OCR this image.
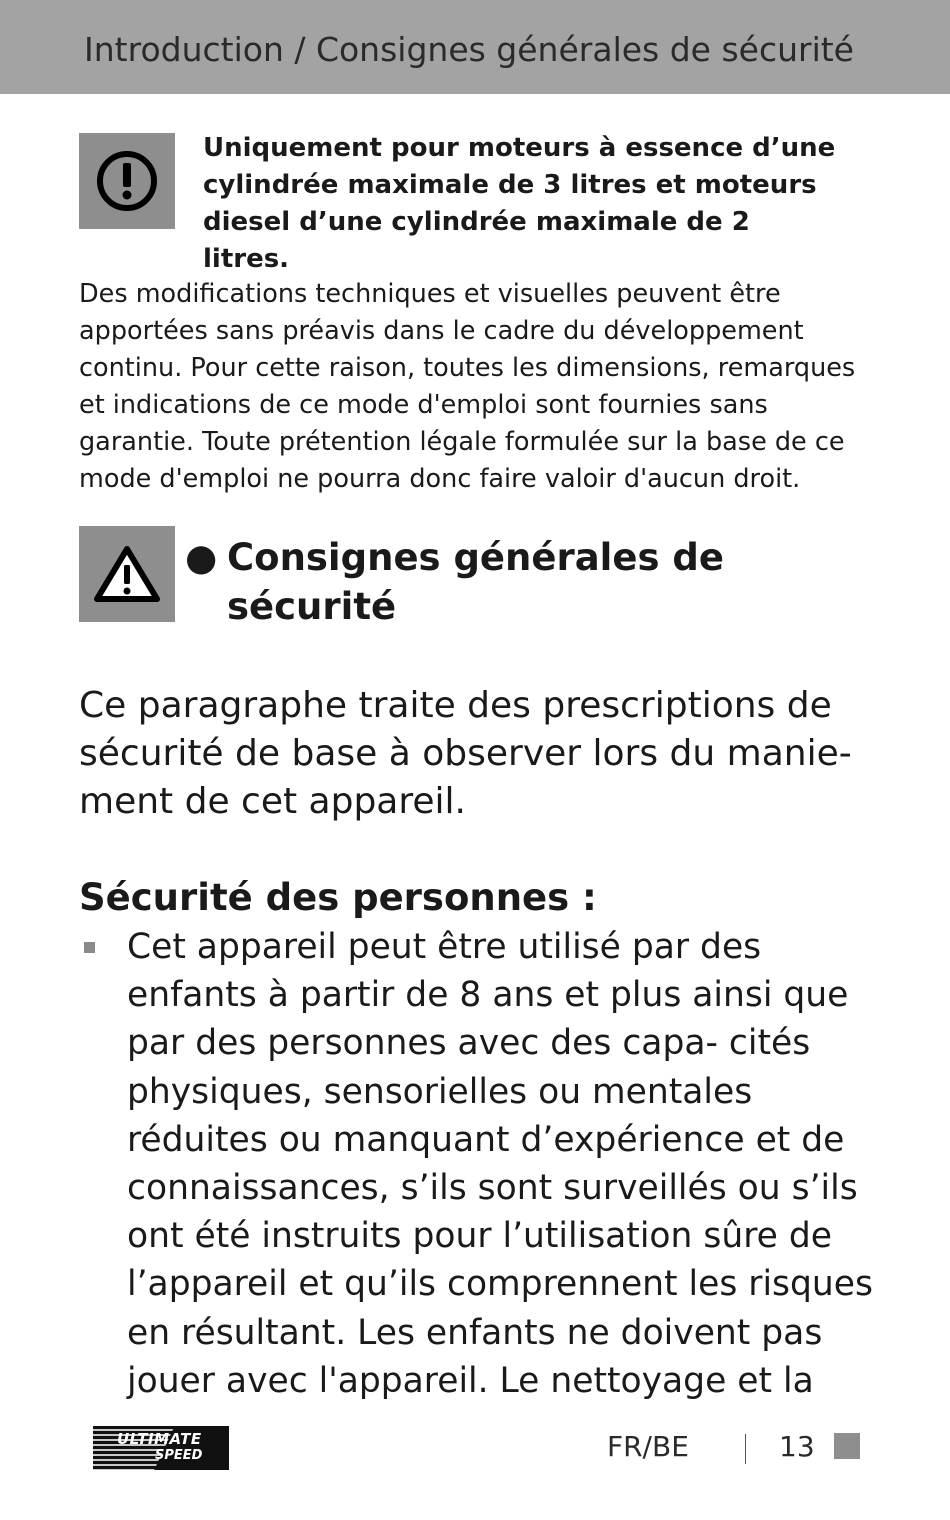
Introduction / Consignes générales de sécurité
Uniquement pour moteurs à essence d’une cylindrée maximale de 3 litres et moteurs diesel d’une cylindrée maximale de 2 litres.
Des modifications techniques et visuelles peuvent être apportées sans préavis dans le cadre du développement continu. Pour cette raison, toutes les dimensions, remarques et indications de ce mode d'emploi sont fournies sans garantie. Toute prétention légale formulée sur la base de ce mode d'emploi ne pourra donc faire valoir d'aucun droit.
● Consignes générales de sécurité
Ce paragraphe traite des prescriptions de sécurité de base à observer lors du manie- ment de cet appareil.
Sécurité des personnes :
Cet appareil peut être utilisé par des enfants à partir de 8 ans et plus ainsi que par des personnes avec des capa- cités physiques, sensorielles ou mentales réduites ou manquant d’expérience et de connaissances, s’ils sont surveillés ou s’ils ont été instruits pour l’utilisation sûre de l’appareil et qu’ils comprennent les risques en résultant. Les enfants ne doivent pas jouer avec l'appareil. Le nettoyage et la
ULTIMATE
SPEED	FR/BE	13
